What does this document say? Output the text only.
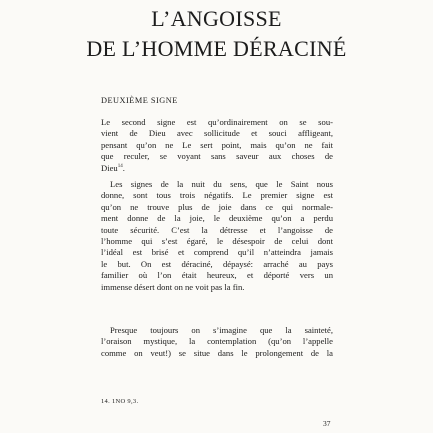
L’ANGOISSE
DE L’HOMME DÉRACINÉ
DEUXIÈME SIGNE
Le second signe est qu’ordinairement on se sou-
vient de Dieu avec sollicitude et souci affligeant,
pensant qu’on ne Le sert point, mais qu’on ne fait
que reculer, se voyant sans saveur aux choses de
Dieu$^{14}$.
Les signes de la nuit du sens, que le Saint nous
donne, sont tous trois négatifs. Le premier signe est
qu’on ne trouve plus de joie dans ce qui normale-
ment donne de la joie, le deuxième qu’on a perdu
toute sécurité. C’est la détresse et l’angoisse de
l’homme qui s’est égaré, le désespoir de celui dont
l’idéal est brisé et comprend qu’il n’atteindra jamais
le but. On est déraciné, dépaysé: arraché au pays
familier où l’on était heureux, et déporté vers un
immense désert dont on ne voit pas la fin.
Presque toujours on s’imagine que la sainteté,
l’oraison mystique, la contemplation (qu’on l’appelle
comme on veut!) se situe dans le prolongement de la
14. 1NO 9,3.
37
